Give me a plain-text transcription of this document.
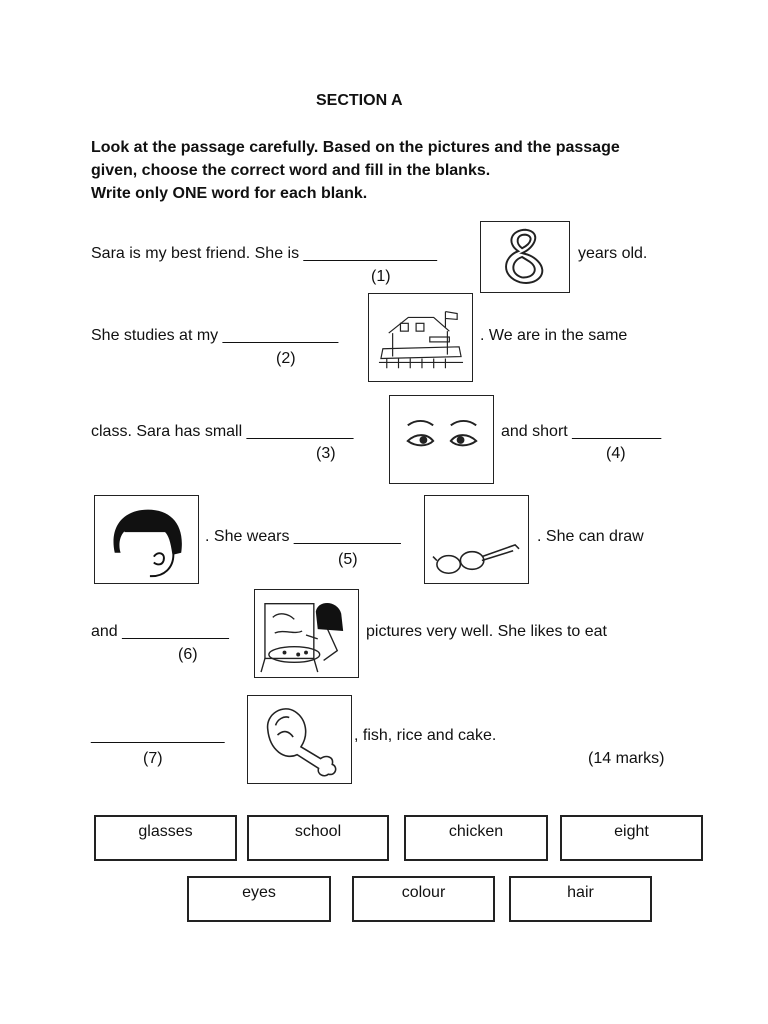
SECTION A
Look at the passage carefully. Based on the pictures and the passage
given, choose the correct word and fill in the blanks.
Write only ONE word for each blank.
Sara is my best friend. She is _______________
(1)
years old.
She studies at my _____________
(2)
. We are in the same
class. Sara has small ____________
(3)
and short __________
(4)
. She wears ____________
(5)
. She can draw
and ____________
(6)
pictures very well. She likes to eat
_______________
(7)
, fish, rice and cake.
(14 marks)
glasses	school	chicken	eight
eyes	colour	hair
